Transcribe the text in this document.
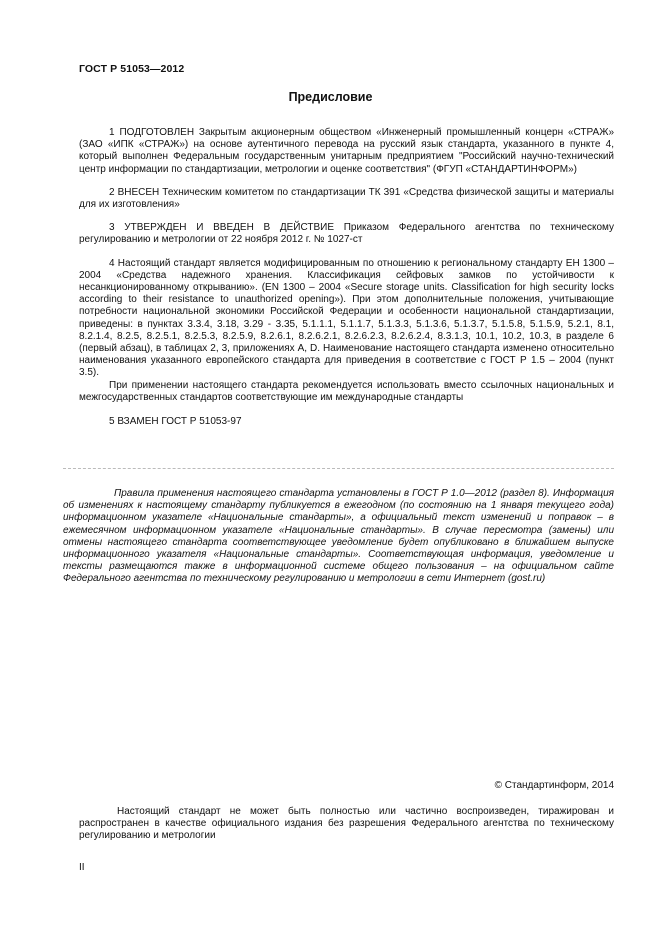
ГОСТ Р 51053—2012
Предисловие

1 ПОДГОТОВЛЕН Закрытым акционерным обществом «Инженерный промышленный концерн «СТРАЖ» (ЗАО «ИПК «СТРАЖ») на основе аутентичного перевода на русский язык стандарта, указанного в пункте 4, который выполнен Федеральным государственным унитарным предприятием "Российский научно-технический центр информации по стандартизации, метрологии и оценке соответствия" (ФГУП «СТАНДАРТИНФОРМ»)

2 ВНЕСЕН Техническим комитетом по стандартизации ТК 391 «Средства физической защиты и материалы для их изготовления»

3 УТВЕРЖДЕН И ВВЕДЕН В ДЕЙСТВИЕ Приказом Федерального агентства по техническому регулированию и метрологии от 22 ноября 2012 г. № 1027-ст

4 Настоящий стандарт является модифицированным по отношению к региональному стандарту ЕН 1300 – 2004 «Средства надежного хранения. Классификация сейфовых замков по устойчивости к несанкционированному открыванию». (EN 1300 – 2004 «Secure storage units. Classification for high security locks according to their resistance to unauthorized opening»). При этом дополнительные положения, учитывающие потребности национальной экономики Российской Федерации и особенности национальной стандартизации, приведены: в пунктах 3.3.4, 3.18, 3.29 - 3.35, 5.1.1.1, 5.1.1.7, 5.1.3.3, 5.1.3.6, 5.1.3.7, 5.1.5.8, 5.1.5.9, 5.2.1, 8.1, 8.2.1.4, 8.2.5, 8.2.5.1, 8.2.5.3, 8.2.5.9, 8.2.6.1, 8.2.6.2.1, 8.2.6.2.3, 8.2.6.2.4, 8.3.1.3, 10.1, 10.2, 10.3, в разделе 6 (первый абзац), в таблицах 2, 3, приложениях А, D. Наименование настоящего стандарта изменено относительно наименования указанного европейского стандарта для приведения в соответствие с ГОСТ Р 1.5 – 2004 (пункт 3.5).

При применении настоящего стандарта рекомендуется использовать вместо ссылочных национальных и межгосударственных стандартов соответствующие им международные стандарты

5 ВЗАМЕН ГОСТ Р 51053-97

Правила применения настоящего стандарта установлены в ГОСТ Р 1.0—2012 (раздел 8). Информация об изменениях к настоящему стандарту публикуется в ежегодном (по состоянию на 1 января текущего года) информационном указателе «Национальные стандарты», а официальный текст изменений и поправок – в ежемесячном информационном указателе «Национальные стандарты». В случае пересмотра (замены) или отмены настоящего стандарта соответствующее уведомление будет опубликовано в ближайшем выпуске информационного указателя «Национальные стандарты». Соответствующая информация, уведомление и тексты размещаются также в информационной системе общего пользования – на официальном сайте Федерального агентства по техническому регулированию и метрологии в сети Интернет (gost.ru)

© Стандартинформ, 2014

Настоящий стандарт не может быть полностью или частично воспроизведен, тиражирован и распространен в качестве официального издания без разрешения Федерального агентства по техническому регулированию и метрологии

II
